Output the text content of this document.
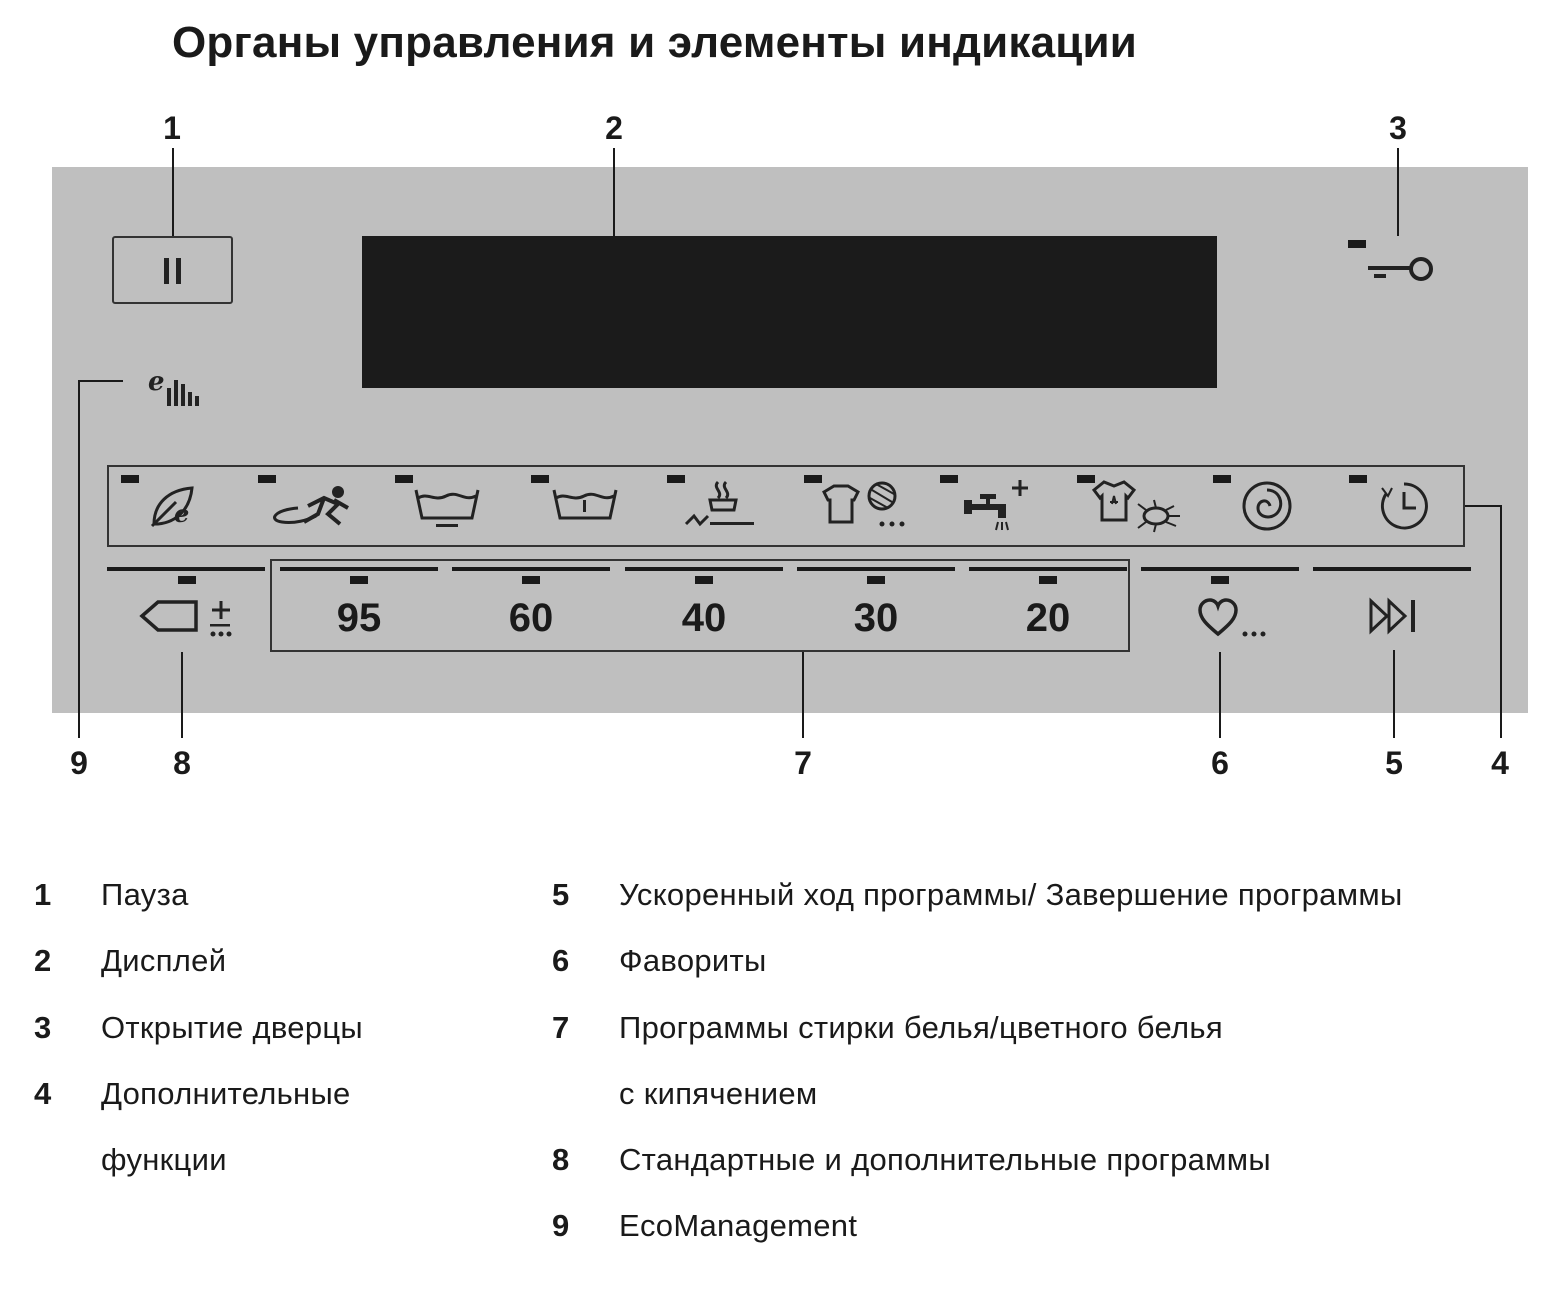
Органы управления и элементы индикации
1	2	3
e
e
95	60	40	30	20
9	8	7	6	5	4
1 Пауза
2 Дисплей
3 Открытие дверцы
4 Дополнительные
функции
5 Ускоренный ход программы/ Завершение программы
6 Фавориты
7 Программы стирки белья/цветного белья
с кипячением
8 Стандартные и дополнительные программы
9 EcoManagement
